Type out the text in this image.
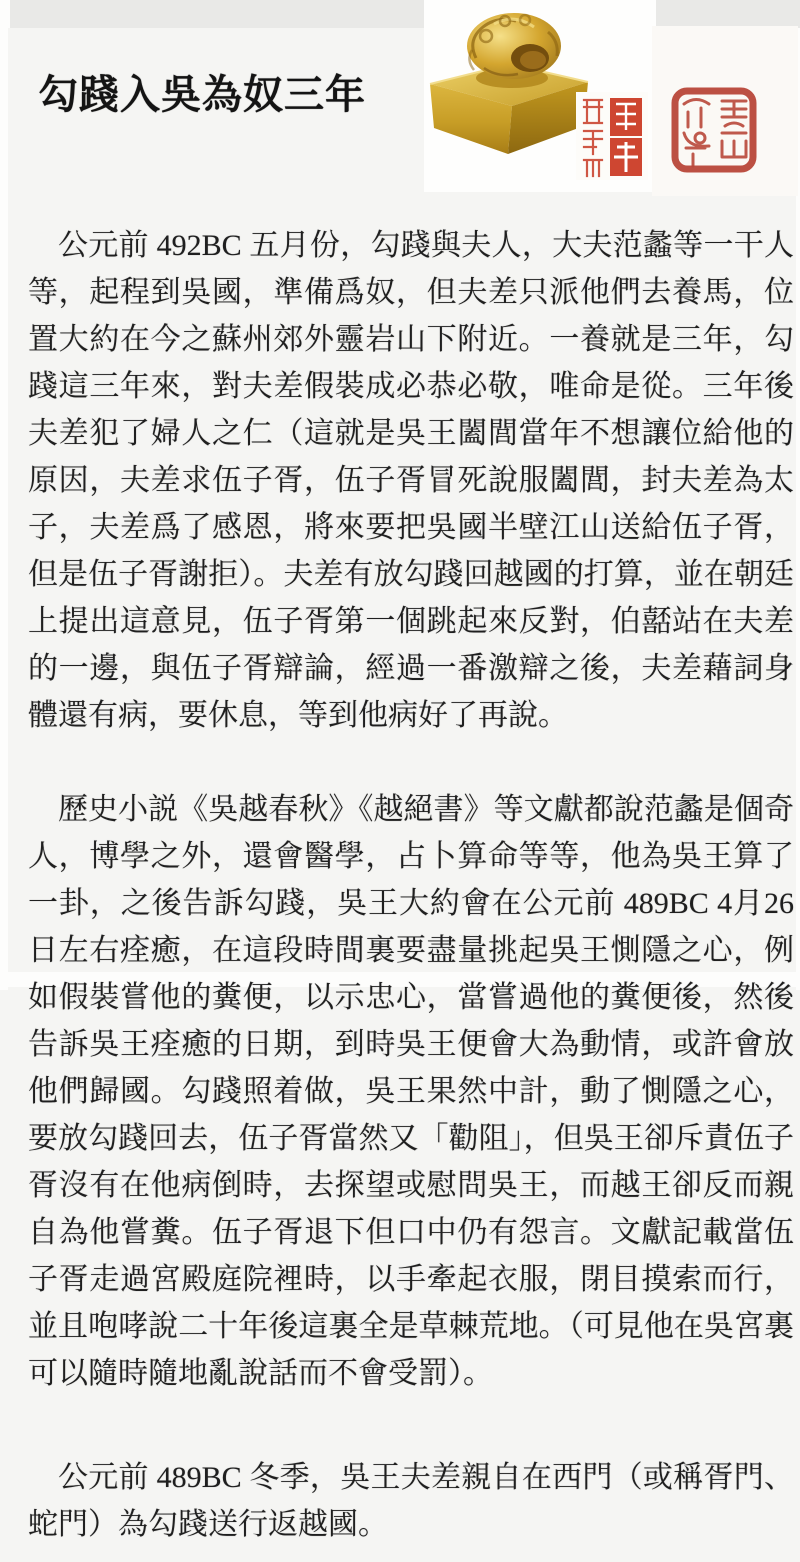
勾踐入吳為奴三年

公元前 492BC 五月份，勾踐與夫人，大夫范蠡等一干人等，起程到吳國，準備爲奴，但夫差只派他們去養馬，位置大約在今之蘇州郊外靈岩山下附近。一養就是三年，勾踐這三年來，對夫差假裝成必恭必敬，唯命是從。三年後夫差犯了婦人之仁（這就是吳王闔閭當年不想讓位給他的原因，夫差求伍子胥，伍子胥冒死說服闔閭，封夫差為太子，夫差爲了感恩，將來要把吳國半壁江山送給伍子胥，但是伍子胥謝拒）。夫差有放勾踐回越國的打算，並在朝廷上提出這意見，伍子胥第一個跳起來反對，伯嚭站在夫差的一邊，與伍子胥辯論，經過一番激辯之後，夫差藉詞身體還有病，要休息，等到他病好了再說。

歷史小説《吳越春秋》《越絕書》等文獻都說范蠡是個奇人，博學之外，還會醫學，占卜算命等等，他為吳王算了一卦，之後告訴勾踐，吳王大約會在公元前 489BC 4月26日左右痊癒，在這段時間裏要盡量挑起吳王惻隱之心，例如假裝嘗他的糞便，以示忠心，當嘗過他的糞便後，然後告訴吳王痊癒的日期，到時吳王便會大為動情，或許會放他們歸國。勾踐照着做，吳王果然中計，動了惻隱之心，要放勾踐回去，伍子胥當然又「勸阻」，但吳王卻斥責伍子胥沒有在他病倒時，去探望或慰問吳王，而越王卻反而親自為他嘗糞。伍子胥退下但口中仍有怨言。文獻記載當伍子胥走過宮殿庭院裡時，以手牽起衣服，閉目摸索而行，並且咆哮說二十年後這裏全是草棘荒地。（可見他在吳宮裏可以隨時隨地亂說話而不會受罰）。

公元前 489BC 冬季，吳王夫差親自在西門（或稱胥門、蛇門）為勾踐送行返越國。
